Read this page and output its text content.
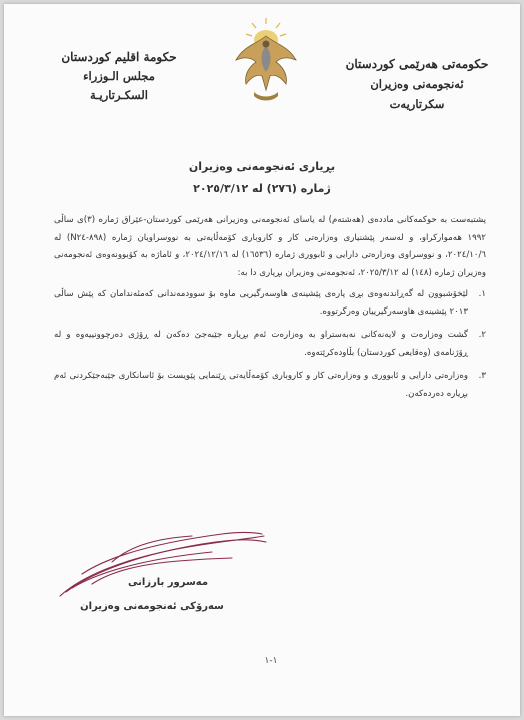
حكومەتی هەرێمی کوردستان
ئەنجومەنی وەزیران
سکرتاریەت
حكومة اقليم كوردستان
مجلس الـوزراء
السكـرتاريـة
بڕیاری ئەنجومەنی وەزیران
ژمارە (٢٧٦) لە ٢٠٢٥/٣/١٢

پشتبەست بە حوکمەکانی ماددەی (هەشتەم) لە یاسای ئەنجومەنی وەزیرانی هەرێمی کوردستان-عێراق ژمارە (٣)ی ساڵی ١٩٩٢ هەموارکراو، و لەسەر پێشنیاری وەزارەتی کار و کاروباری کۆمەڵایەتی بە نووسراویان ژمارە (٨٩٨-N٢٤) لە ٢٠٢٤/١٠/٦، و نووسراوی وەزارەتی دارایی و ئابووری ژمارە (١٦٥٣٦) لە ٢٠٢٤/١٢/١٦، و ئاماژە بە کۆبوونەوەی ئەنجومەنی وەزیران ژمارە (١٤٨) لە ٢٠٢٥/٣/١٢، ئەنجومەنی وەزیران بڕیاری دا بە:

١.
لێخۆشبوون لە گەڕاندنەوەی بڕی پارەی پێشینەی هاوسەرگیریی ماوە بۆ سوودمەندانی کەمئەندامان کە پێش ساڵی ٢٠١٣ پێشینەی هاوسەرگیرییان وەرگرتووە.
٢.
گشت وەزارەت و لایەنەکانی نەبەستراو بە وەزارەت ئەم بڕیارە جێبەجێ دەکەن لە ڕۆژی دەرچوونییەوە و لە ڕۆژنامەی (وەقایعی کوردستان) بڵاودەکرێتەوە.
٣.
وەزارەتی دارایی و ئابووری و وەزارەتی کار و کاروباری کۆمەڵایەتی ڕێنمایی پێویست بۆ ئاسانکاری جێبەجێکردنی ئەم بڕیارە دەردەکەن.
مەسرور بارزانی
سەرۆکی ئەنجومەنی وەزیران
١-١
